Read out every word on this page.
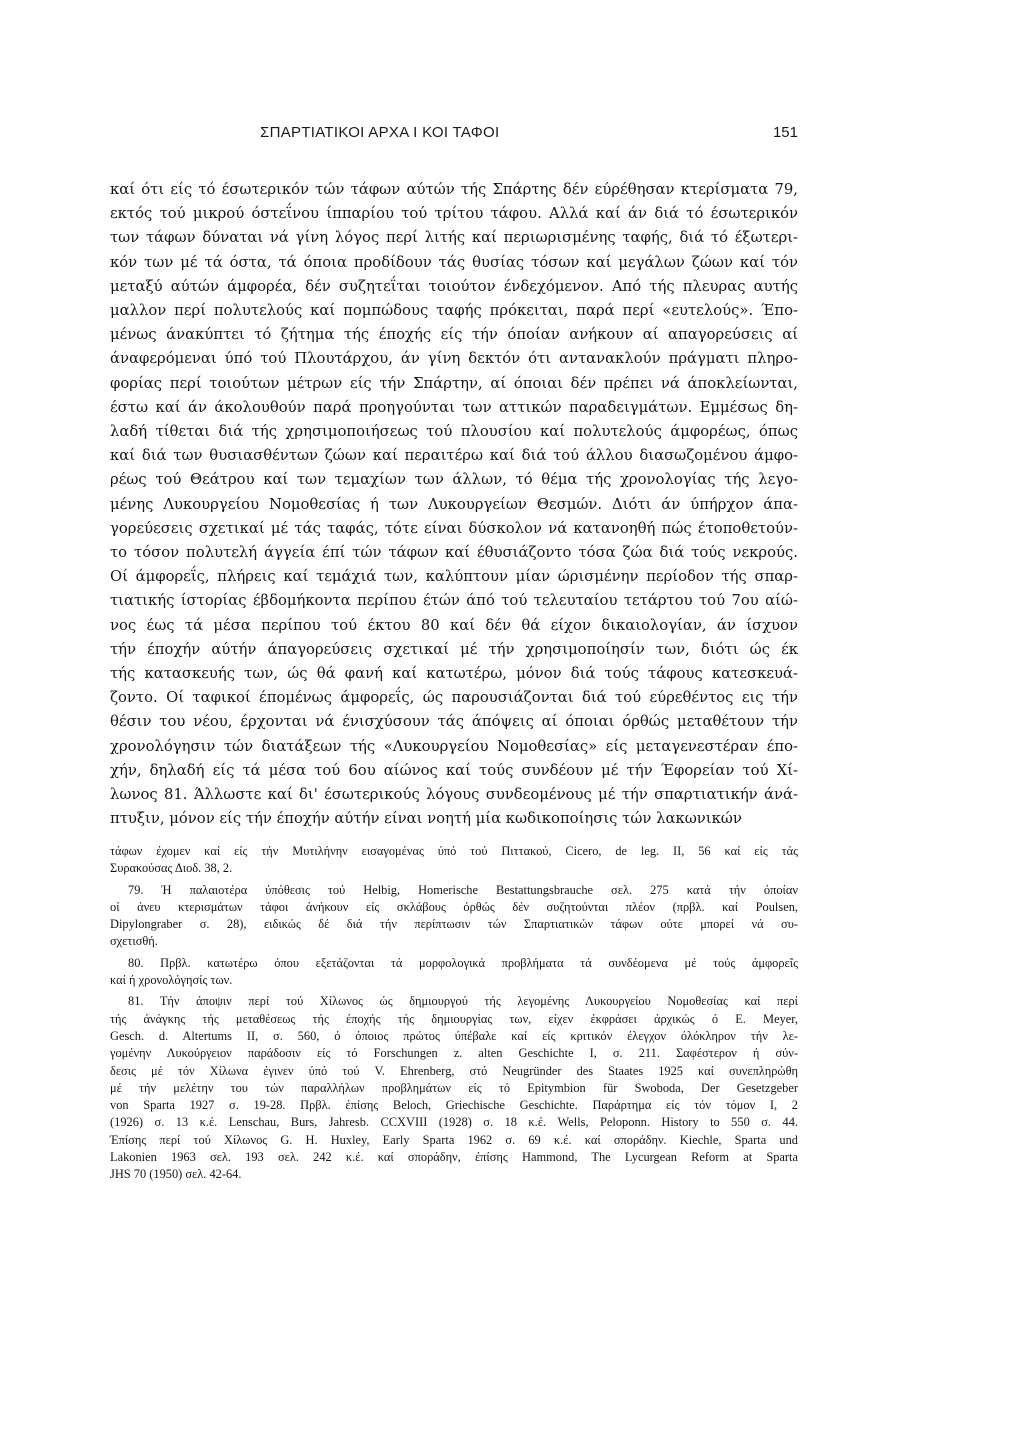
ΣΠΑΡΤΙΑΤΙΚΟΙ ΑΡΧΑ Ι ΚΟΙ ΤΑΦΟΙ	151
καί ότι είς τό έσωτερικόν τών τάφων αύτών τής Σπάρτης δέν εύρέθησαν κτερίσματα 79,
εκτός τού μικρού όστεΐνου ίππαρίου τού τρίτου τάφου. Αλλά καί άν διά τό έσωτερικόν
των τάφων δύναται νά γίνη λόγος περί λιτής καί περιωρισμένης ταφής, διά τό έξωτερι-
κόν των μέ τά όστα, τά όποια προδίδουν τάς θυσίας τόσων καί μεγάλων ζώων καί τόν
μεταξύ αύτών άμφορέα, δέν συζητεΐται τοιούτον ένδεχόμενον. Από τής πλευρας αυτής
μαλλον περί πολυτελούς καί πομπώδους ταφής πρόκειται, παρά περί «ευτελούς». Έπο-
μένως άνακύπτει τό ζήτημα τής έποχής είς τήν όποίαν ανήκουν αί απαγορεύσεις αί
άναφερόμεναι ύπό τού Πλουτάρχου, άν γίνη δεκτόν ότι αντανακλούν πράγματι πληρο-
φορίας περί τοιούτων μέτρων είς τήν Σπάρτην, αί όποιαι δέν πρέπει νά άποκλείωνται,
έστω καί άν άκολουθούν παρά προηγούνται των αττικών παραδειγμάτων. Εμμέσως δη-
λαδή τίθεται διά τής χρησιμοποιήσεως τού πλουσίου καί πολυτελούς άμφορέως, όπως
καί διά των θυσιασθέντων ζώων καί περαιτέρω καί διά τού άλλου διασωζομένου άμφο-
ρέως τού Θεάτρου καί των τεμαχίων των άλλων, τό θέμα τής χρονολογίας τής λεγο-
μένης Λυκουργείου Νομοθεσίας ή των Λυκουργείων Θεσμών. Διότι άν ύπήρχον άπα-
γορεύεσεις σχετικαί μέ τάς ταφάς, τότε είναι δύσκολον νά κατανοηθή πώς έτοποθετούν-
το τόσον πολυτελή άγγεία έπί τών τάφων καί έθυσιάζοντο τόσα ζώα διά τούς νεκρούς.
Οί άμφορεΐς, πλήρεις καί τεμάχιά των, καλύπτουν μίαν ώρισμένην περίοδον τής σπαρ-
τιατικής ίστορίας έβδομήκοντα περίπου έτών άπό τού τελευταίου τετάρτου τού 7ου αίώ-
νος έως τά μέσα περίπου τού έκτου 80 καί δέν θά είχον δικαιολογίαν, άν ίσχυον
τήν έποχήν αύτήν άπαγορεύσεις σχετικαί μέ τήν χρησιμοποίησίν των, διότι ώς έκ
τής κατασκευής των, ώς θά φανή καί κατωτέρω, μόνον διά τούς τάφους κατεσκευά-
ζοντο. Οί ταφικοί έπομένως άμφορεΐς, ώς παρουσιάζονται διά τού εύρεθέντος εις τήν
θέσιν του νέου, έρχονται νά ένισχύσουν τάς άπόψεις αί όποιαι όρθώς μεταθέτουν τήν
χρονολόγησιν τών διατάξεων τής «Λυκουργείου Νομοθεσίας» είς μεταγενεστέραν έπο-
χήν, δηλαδή είς τά μέσα τού 6ου αίώνος καί τούς συνδέουν μέ τήν Έφορείαν τού Χί-
λωνος 81. Άλλωστε καί δι' έσωτερικούς λόγους συνδεομένους μέ τήν σπαρτιατικήν άνά-
πτυξιν, μόνον είς τήν έποχήν αύτήν είναι νοητή μία κωδικοποίησις τών λακωνικών
τάφων έχομεν καί είς τήν Μυτιλήνην εισαγομένας ύπό τού Πιττακού, Cicero, de leg. II, 56 καί είς τάς
Συρακούσας Διοδ. 38, 2.
79. Ή παλαιοτέρα ύπόθεσις τού Helbig, Homerische Bestattungsbrauche σελ. 275 κατά τήν όποίαν
οί άνευ κτερισμάτων τάφοι άνήκουν είς σκλάβους όρθώς δέν συζητούνται πλέον (πρβλ. καί Poulsen,
Dipylongraber σ. 28), ειδικώς δέ διά τήν περίπτωσιν τών Σπαρτιατικών τάφων ούτε μπορεί νά συ-
σχετισθή.
80. Πρβλ. κατωτέρω όπου εξετάζονται τά μορφολογικά προβλήματα τά συνδέομενα μέ τούς άμφορεΐς
καί ή χρονολόγησίς των.
81. Τήν άποψιν περί τού Χίλωνος ώς δημιουργού τής λεγομένης Λυκουργείου Νομοθεσίας καί περί
τής άνάγκης τής μεταθέσεως τής έποχής τής δημιουργίας των, είχεν έκφράσει άρχικώς ό Ε. Meyer,
Gesch. d. Altertums II, σ. 560, ό όποιος πρώτος ύπέβαλε καί είς κριτικόν έλεγχον όλόκληρον τήν λε-
γομένην Λυκούργειον παράδοσιν είς τό Forschungen z. alten Geschichte I, σ. 211. Σαφέστερον ή σύν-
δεσις μέ τόν Χίλωνα έγινεν ύπό τού V. Ehrenberg, στό Neugründer des Staates 1925 καί συνεπληρώθη
μέ τήν μελέτην του τών παραλλήλων προβλημάτων είς τό Epitymbion für Swoboda, Der Gesetzgeber
von Sparta 1927 σ. 19-28. Πρβλ. έπίσης Beloch, Griechische Geschichte. Παράρτημα είς τόν τόμον I, 2
(1926) σ. 13 κ.έ. Lenschau, Burs, Jahresb. CCXVIII (1928) σ. 18 κ.έ. Wells, Peloponn. History to 550 σ. 44.
Έπίσης περί τού Χίλωνος G. H. Huxley, Early Sparta 1962 σ. 69 κ.έ. καί σποράδην. Kiechle, Sparta und
Lakonien 1963 σελ. 193 σελ. 242 κ.έ. καί σποράδην, έπίσης Hammond, The Lycurgean Reform at Sparta
JHS 70 (1950) σελ. 42-64.
